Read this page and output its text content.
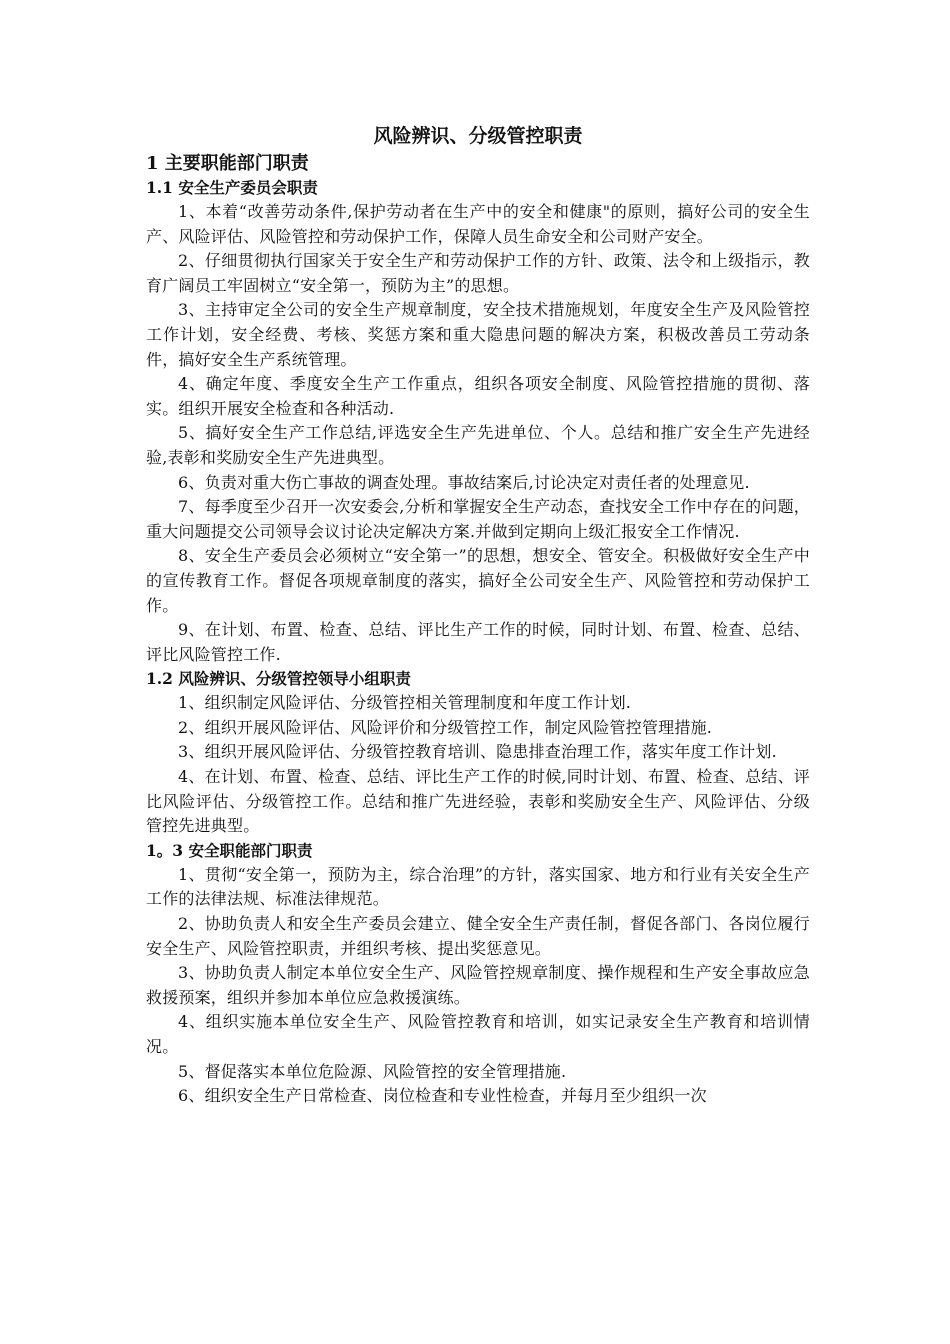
风险辨识、分级管控职责
1 主要职能部门职责
1.1 安全生产委员会职责

1、本着“改善劳动条件,保护劳动者在生产中的安全和健康"的原则，搞好公司的安全生产、风险评估、风险管控和劳动保护工作，保障人员生命安全和公司财产安全。

2、仔细贯彻执行国家关于安全生产和劳动保护工作的方针、政策、法令和上级指示，教育广阔员工牢固树立“安全第一，预防为主”的思想。

3、主持审定全公司的安全生产规章制度，安全技术措施规划，年度安全生产及风险管控工作计划，安全经费、考核、奖惩方案和重大隐患问题的解决方案，积极改善员工劳动条件，搞好安全生产系统管理。

4、确定年度、季度安全生产工作重点，组织各项安全制度、风险管控措施的贯彻、落实。组织开展安全检查和各种活动.

5、搞好安全生产工作总结,评选安全生产先进单位、个人。总结和推广安全生产先进经验,表彰和奖励安全生产先进典型。

6、负责对重大伤亡事故的调查处理。事故结案后,讨论决定对责任者的处理意见.

7、每季度至少召开一次安委会,分析和掌握安全生产动态，查找安全工作中存在的问题，重大问题提交公司领导会议讨论决定解决方案.并做到定期向上级汇报安全工作情况.

8、安全生产委员会必须树立“安全第一”的思想，想安全、管安全。积极做好安全生产中的宣传教育工作。督促各项规章制度的落实，搞好全公司安全生产、风险管控和劳动保护工作。

9、在计划、布置、检查、总结、评比生产工作的时候，同时计划、布置、检查、总结、评比风险管控工作.

1.2 风险辨识、分级管控领导小组职责

1、组织制定风险评估、分级管控相关管理制度和年度工作计划.

2、组织开展风险评估、风险评价和分级管控工作，制定风险管控管理措施.

3、组织开展风险评估、分级管控教育培训、隐患排查治理工作，落实年度工作计划.

4、在计划、布置、检查、总结、评比生产工作的时候,同时计划、布置、检查、总结、评比风险评估、分级管控工作。总结和推广先进经验，表彰和奖励安全生产、风险评估、分级管控先进典型。

1。3 安全职能部门职责

1、贯彻“安全第一，预防为主，综合治理”的方针，落实国家、地方和行业有关安全生产工作的法律法规、标准法律规范。

2、协助负责人和安全生产委员会建立、健全安全生产责任制，督促各部门、各岗位履行安全生产、风险管控职责，并组织考核、提出奖惩意见。

3、协助负责人制定本单位安全生产、风险管控规章制度、操作规程和生产安全事故应急救援预案，组织并参加本单位应急救援演练。

4、组织实施本单位安全生产、风险管控教育和培训，如实记录安全生产教育和培训情况。

5、督促落实本单位危险源、风险管控的安全管理措施.

6、组织安全生产日常检查、岗位检查和专业性检查，并每月至少组织一次
